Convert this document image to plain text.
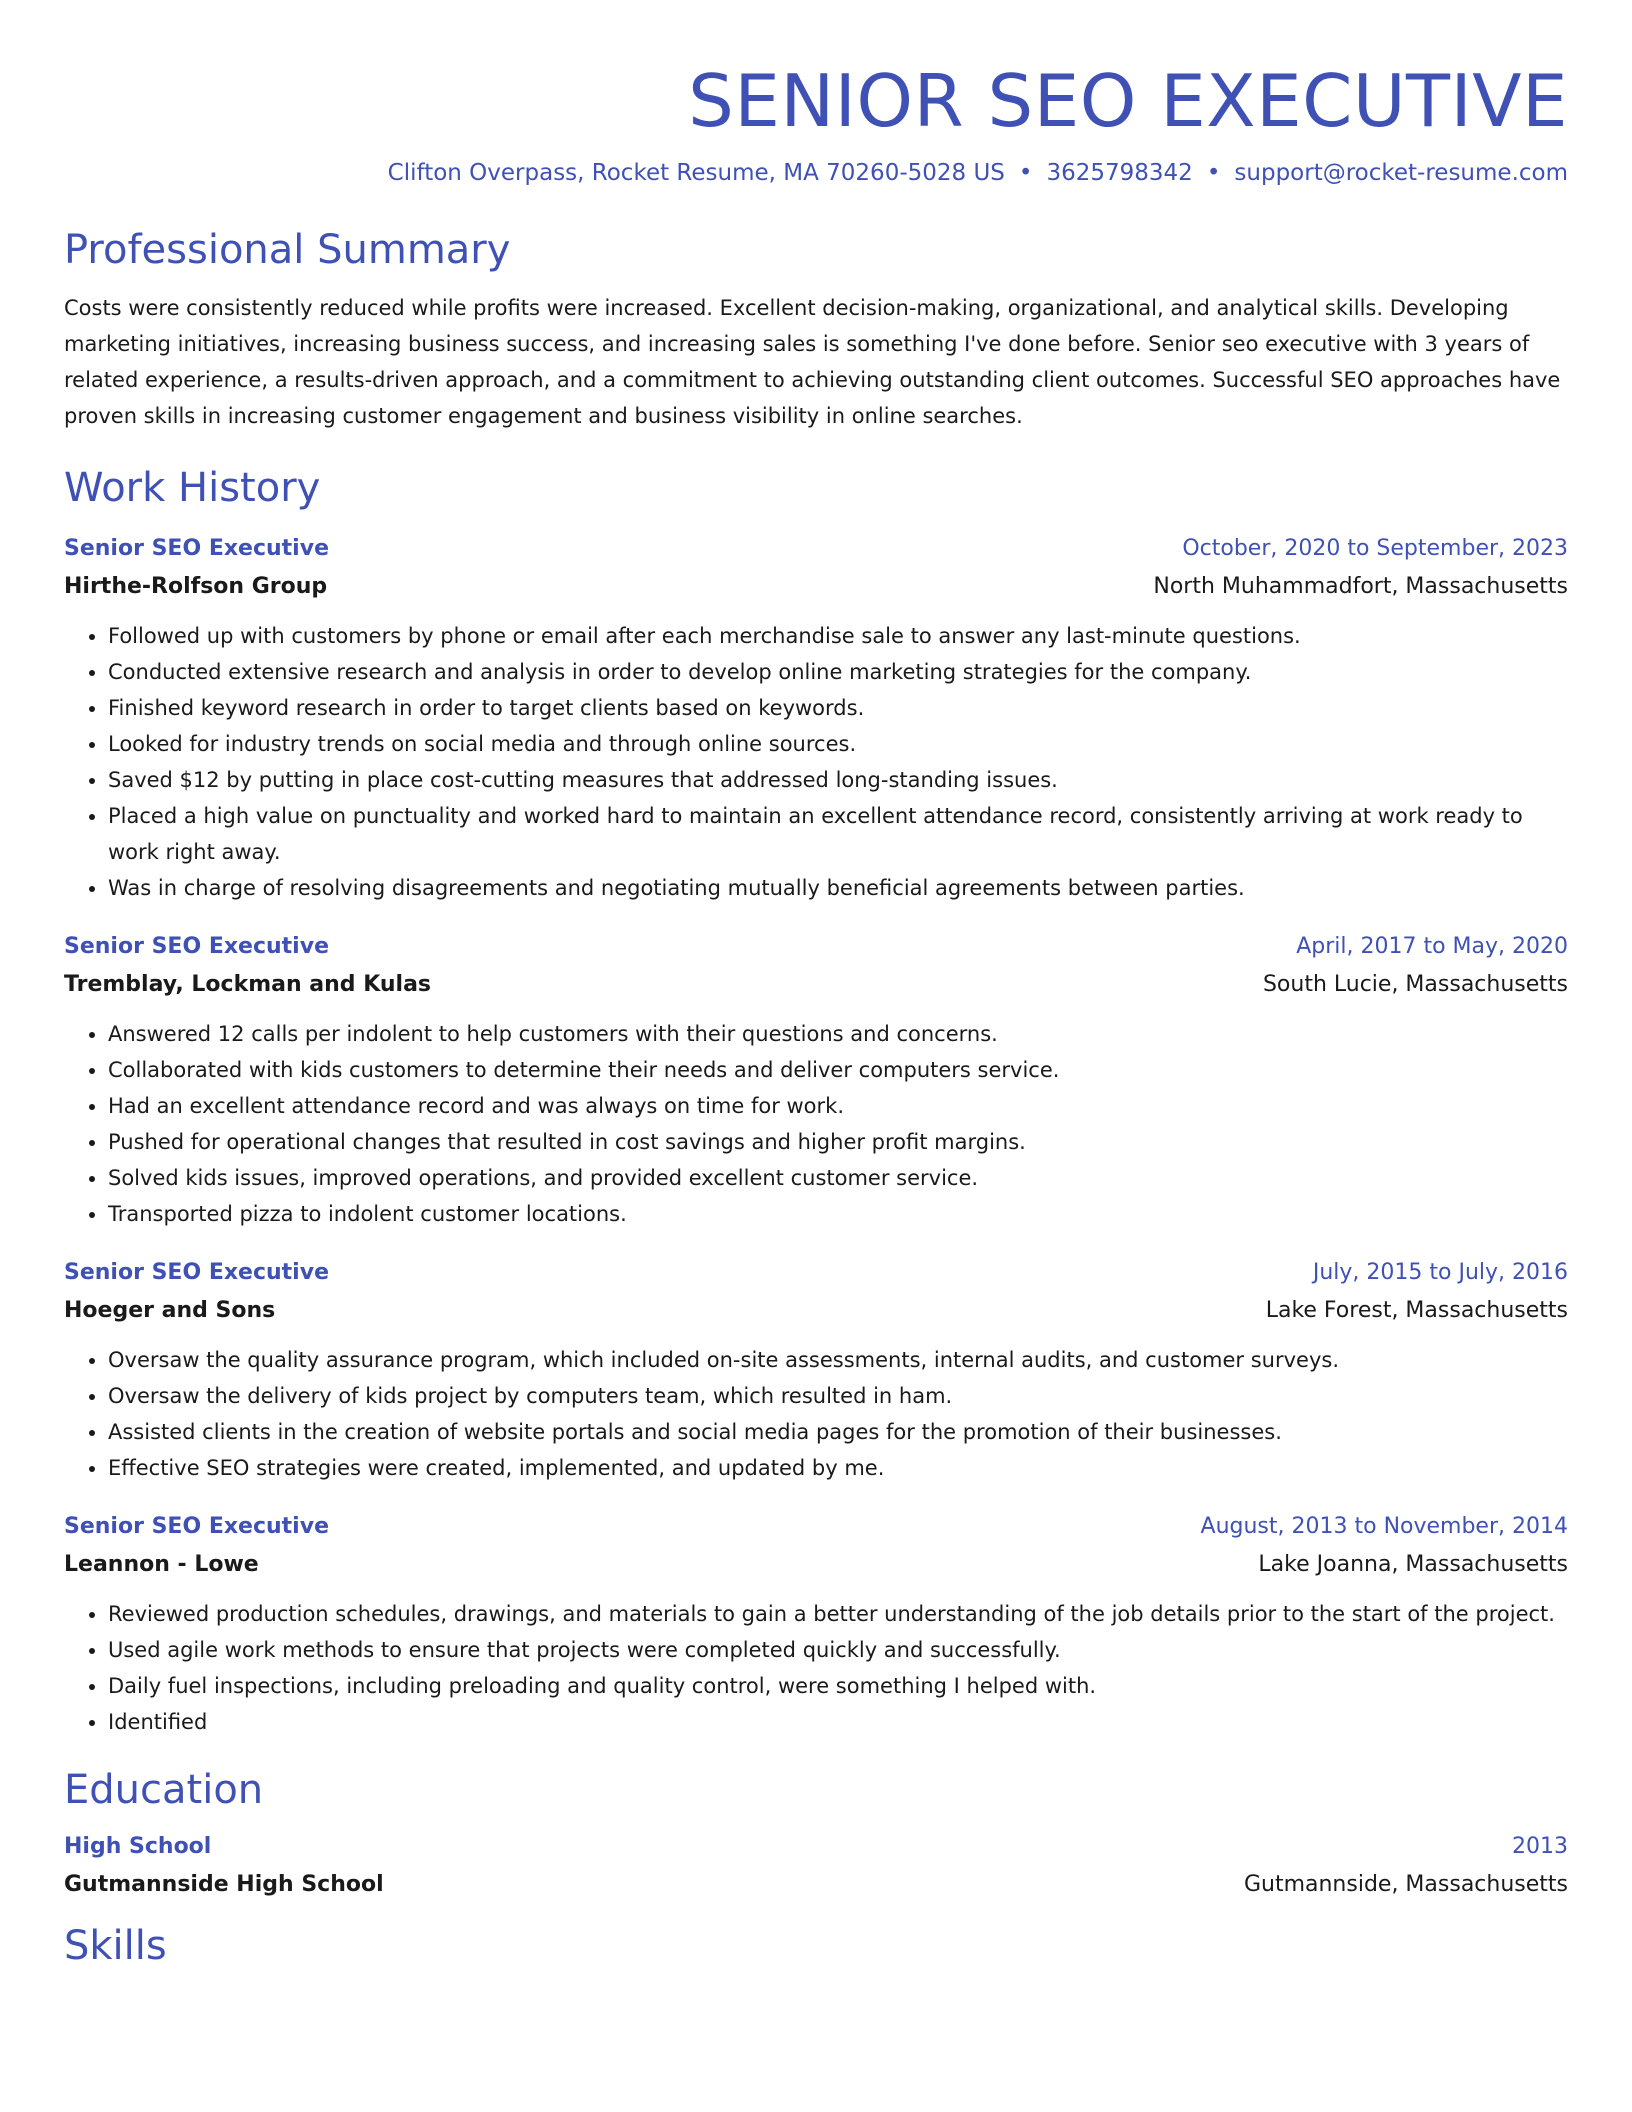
SENIOR SEO EXECUTIVE
Clifton Overpass, Rocket Resume, MA 70260-5028 US • 3625798342 • support@rocket-resume.com
Professional Summary
Costs were consistently reduced while profits were increased. Excellent decision-making, organizational, and analytical skills. Developing marketing initiatives, increasing business success, and increasing sales is something I've done before. Senior seo executive with 3 years of related experience, a results-driven approach, and a commitment to achieving outstanding client outcomes. Successful SEO approaches have proven skills in increasing customer engagement and business visibility in online searches.
Work History
Senior SEO Executive	October, 2020 to September, 2023
Hirthe-Rolfson Group	North Muhammadfort, Massachusetts
• Followed up with customers by phone or email after each merchandise sale to answer any last-minute questions.
• Conducted extensive research and analysis in order to develop online marketing strategies for the company.
• Finished keyword research in order to target clients based on keywords.
• Looked for industry trends on social media and through online sources.
• Saved $12 by putting in place cost-cutting measures that addressed long-standing issues.
• Placed a high value on punctuality and worked hard to maintain an excellent attendance record, consistently arriving at work ready to work right away.
• Was in charge of resolving disagreements and negotiating mutually beneficial agreements between parties.
Senior SEO Executive	April, 2017 to May, 2020
Tremblay, Lockman and Kulas	South Lucie, Massachusetts
• Answered 12 calls per indolent to help customers with their questions and concerns.
• Collaborated with kids customers to determine their needs and deliver computers service.
• Had an excellent attendance record and was always on time for work.
• Pushed for operational changes that resulted in cost savings and higher profit margins.
• Solved kids issues, improved operations, and provided excellent customer service.
• Transported pizza to indolent customer locations.
Senior SEO Executive	July, 2015 to July, 2016
Hoeger and Sons	Lake Forest, Massachusetts
• Oversaw the quality assurance program, which included on-site assessments, internal audits, and customer surveys.
• Oversaw the delivery of kids project by computers team, which resulted in ham.
• Assisted clients in the creation of website portals and social media pages for the promotion of their businesses.
• Effective SEO strategies were created, implemented, and updated by me.
Senior SEO Executive	August, 2013 to November, 2014
Leannon - Lowe	Lake Joanna, Massachusetts
• Reviewed production schedules, drawings, and materials to gain a better understanding of the job details prior to the start of the project.
• Used agile work methods to ensure that projects were completed quickly and successfully.
• Daily fuel inspections, including preloading and quality control, were something I helped with.
• Identified
Education
High School	2013
Gutmannside High School	Gutmannside, Massachusetts
Skills
